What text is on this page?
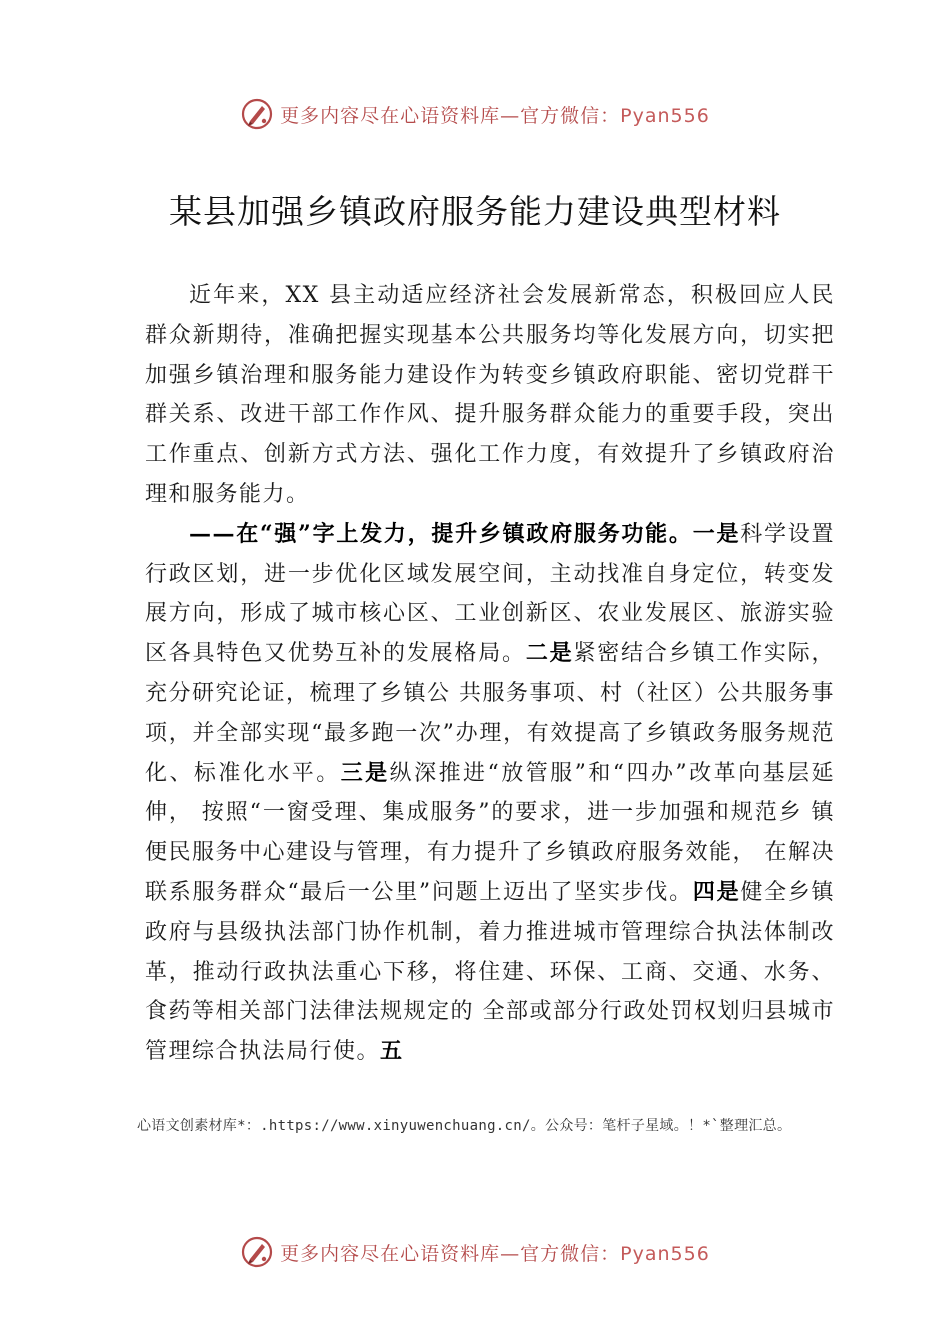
更多内容尽在心语资料库—官方微信：Pyan556
某县加强乡镇政府服务能力建设典型材料

近年来，XX 县主动适应经济社会发展新常态，积极回应人民群众新期待，准确把握实现基本公共服务均等化发展方向，切实把加强乡镇治理和服务能力建设作为转变乡镇政府职能、密切党群干群关系、改进干部工作作风、提升服务群众能力的重要手段，突出工作重点、创新方式方法、强化工作力度，有效提升了乡镇政府治理和服务能力。

——在“强”字上发力，提升乡镇政府服务功能。一是科学设置行政区划，进一步优化区域发展空间，主动找准自身定位，转变发展方向，形成了城市核心区、工业创新区、农业发展区、旅游实验区各具特色又优势互补的发展格局。二是紧密结合乡镇工作实际，充分研究论证，梳理了乡镇公 共服务事项、村（社区）公共服务事项，并全部实现“最多跑一次”办理，有效提高了乡镇政务服务规范化、标准化水平。三是纵深推进“放管服”和“四办”改革向基层延伸， 按照“一窗受理、集成服务”的要求，进一步加强和规范乡 镇便民服务中心建设与管理，有力提升了乡镇政府服务效能， 在解决联系服务群众“最后一公里”问题上迈出了坚实步伐。四是健全乡镇政府与县级执法部门协作机制，着力推进城市管理综合执法体制改革，推动行政执法重心下移，将住建、环保、工商、交通、水务、食药等相关部门法律法规规定的 全部或部分行政处罚权划归县城市管理综合执法局行使。五

心语文创素材库*：.https://www.xinyuwenchuang.cn/。公众号：笔杆子星域。！*`整理汇总。
更多内容尽在心语资料库—官方微信：Pyan556
